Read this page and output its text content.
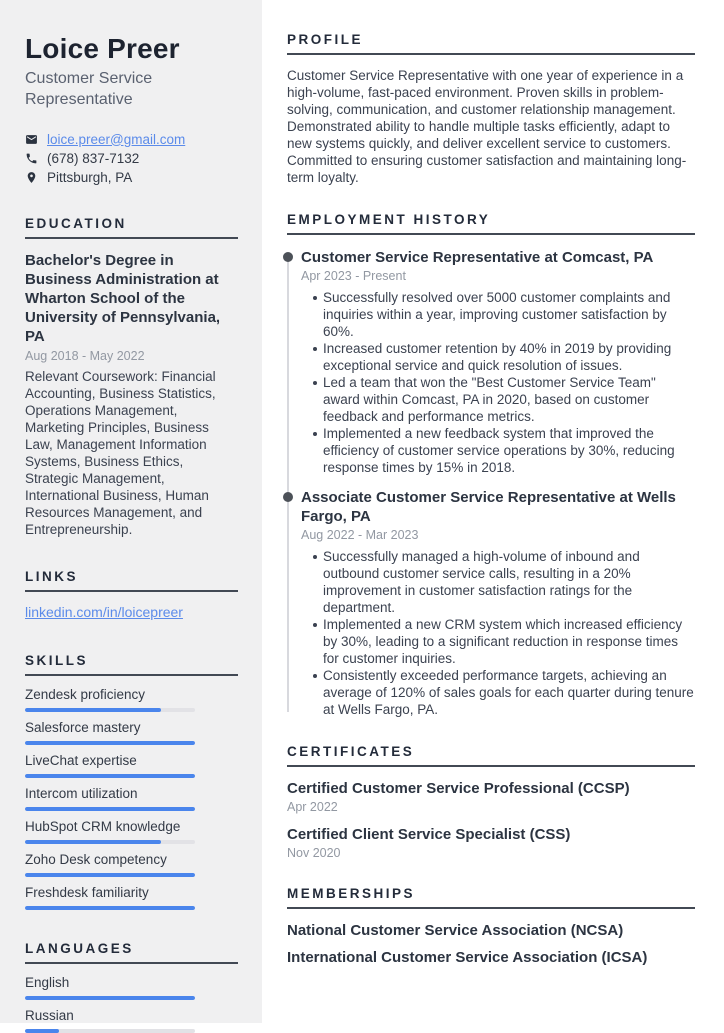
Loice Preer
Customer Service Representative
loice.preer@gmail.com
(678) 837-7132
Pittsburgh, PA
EDUCATION
Bachelor's Degree in Business Administration at Wharton School of the University of Pennsylvania, PA
Aug 2018 - May 2022

Relevant Coursework: Financial Accounting, Business Statistics, Operations Management, Marketing Principles, Business Law, Management Information Systems, Business Ethics, Strategic Management, International Business, Human Resources Management, and Entrepreneurship.

LINKS
linkedin.com/in/loicepreer
SKILLS
Zendesk proficiency
Salesforce mastery
LiveChat expertise
Intercom utilization
HubSpot CRM knowledge
Zoho Desk competency
Freshdesk familiarity
LANGUAGES
English
Russian
PROFILE

Customer Service Representative with one year of experience in a high-volume, fast-paced environment. Proven skills in problem-solving, communication, and customer relationship management. Demonstrated ability to handle multiple tasks efficiently, adapt to new systems quickly, and deliver excellent service to customers. Committed to ensuring customer satisfaction and maintaining long-term loyalty.

EMPLOYMENT HISTORY
Customer Service Representative at Comcast, PA
Apr 2023 - Present
Successfully resolved over 5000 customer complaints and inquiries within a year, improving customer satisfaction by 60%.
Increased customer retention by 40% in 2019 by providing exceptional service and quick resolution of issues.
Led a team that won the "Best Customer Service Team" award within Comcast, PA in 2020, based on customer feedback and performance metrics.
Implemented a new feedback system that improved the efficiency of customer service operations by 30%, reducing response times by 15% in 2018.
Associate Customer Service Representative at Wells Fargo, PA
Aug 2022 - Mar 2023
Successfully managed a high-volume of inbound and outbound customer service calls, resulting in a 20% improvement in customer satisfaction ratings for the department.
Implemented a new CRM system which increased efficiency by 30%, leading to a significant reduction in response times for customer inquiries.
Consistently exceeded performance targets, achieving an average of 120% of sales goals for each quarter during tenure at Wells Fargo, PA.
CERTIFICATES
Certified Customer Service Professional (CCSP)
Apr 2022
Certified Client Service Specialist (CSS)
Nov 2020
MEMBERSHIPS
National Customer Service Association (NCSA)
International Customer Service Association (ICSA)
